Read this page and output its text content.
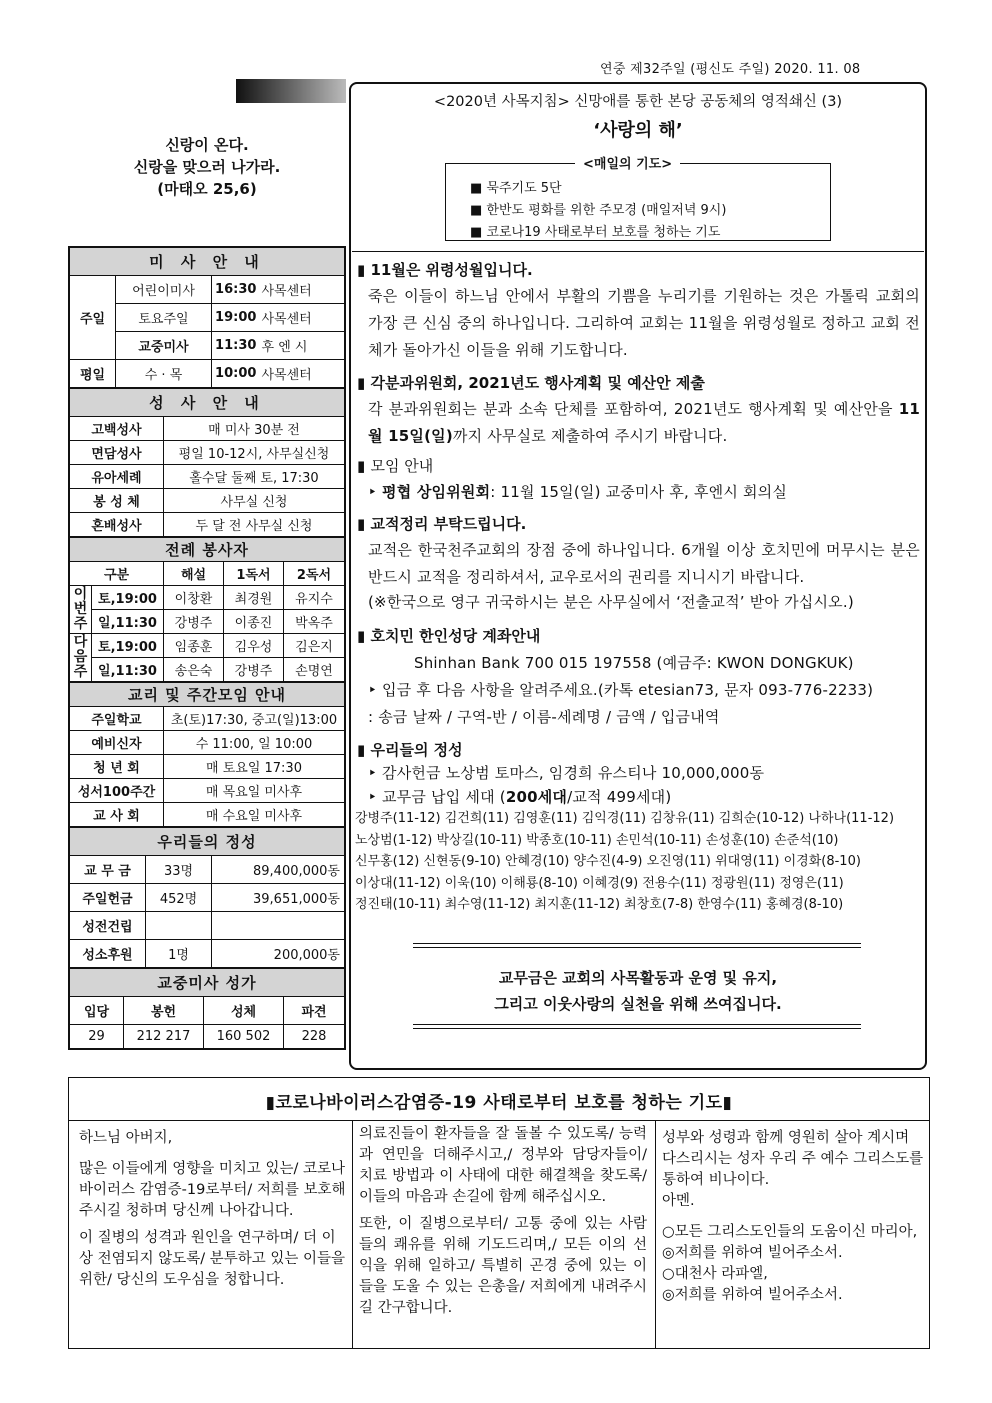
연중 제32주일 (평신도 주일) 2020. 11. 08
오늘의 복음말씀
신랑이 온다.
신랑을 맞으러 나가라.
(마태오 25,6)
미 사 안 내			
주일	어린이미사	16:30	사목센터
	토요주일	19:00	사목센터
	교중미사	11:30	후 엔 시
평일	수 · 목	10:00	사목센터
성 사 안 내	
고백성사	매 미사 30분 전
면담성사	평일 10-12시, 사무실신청
유아세례	홀수달 둘째 토, 17:30
봉 성 체	사무실 신청
혼배성사	두 달 전 사무실 신청
전례 봉사자				
구분		해설	1독서	2독서
이번주	토,19:00	이창환	최경원	유지수
	일,11:30	강병주	이종진	박옥주
다음주	토,19:00	임종훈	김우성	김은지
	일,11:30	송은숙	강병주	손명연
교리 및 주간모임 안내	
주일학교	초(토)17:30, 중고(일)13:00
예비신자	수 11:00, 일 10:00
청 년 회	매 토요일 17:30
성서100주간	매 목요일 미사후
교 사 회	매 수요일 미사후
우리들의 정성		
교 무 금	33명	89,400,000동
주일헌금	452명	39,651,000동
성전건립		
성소후원	1명	200,000동
교중미사 성가			
입당	봉헌	성체	파견
29	212 217	160 502	228
<2020년 사목지침> 신망애를 통한 본당 공동체의 영적쇄신 (3)
‘사랑의 해’
<매일의 기도>
■ 묵주기도 5단
■ 한반도 평화를 위한 주모경 (매일저녁 9시)
■ 코로나19 사태로부터 보호를 청하는 기도
▮ 11월은 위령성월입니다.
죽은 이들이 하느님 안에서 부활의 기쁨을 누리기를 기원하는 것은 가톨릭 교회의 가장 큰 신심 중의 하나입니다. 그리하여 교회는 11월을 위령성월로 정하고 교회 전체가 돌아가신 이들을 위해 기도합니다.
▮ 각분과위원회, 2021년도 행사계획 및 예산안 제출
각 분과위원회는 분과 소속 단체를 포함하여, 2021년도 행사계획 및 예산안을 11월 15일(일)까지 사무실로 제출하여 주시기 바랍니다.
▮ 모임 안내
‣ 평협 상임위원회: 11월 15일(일) 교중미사 후, 후엔시 회의실
▮ 교적정리 부탁드립니다.
교적은 한국천주교회의 장점 중에 하나입니다. 6개월 이상 호치민에 머무시는 분은 반드시 교적을 정리하셔서, 교우로서의 권리를 지니시기 바랍니다.
(※한국으로 영구 귀국하시는 분은 사무실에서 ‘전출교적’ 받아 가십시오.)
▮ 호치민 한인성당 계좌안내
Shinhan Bank 700 015 197558 (예금주: KWON DONGKUK)
‣ 입금 후 다음 사항을 알려주세요.(카톡 etesian73, 문자 093-776-2233)
: 송금 날짜 / 구역-반 / 이름-세례명 / 금액 / 입금내역
▮ 우리들의 정성
‣ 감사헌금 노상범 토마스, 임경희 유스티나 10,000,000동
‣ 교무금 납입 세대 (200세대/교적 499세대)
강병주(11-12) 김건희(11) 김영훈(11) 김익경(11) 김창유(11) 김희순(10-12) 나하나(11-12)
노상범(1-12) 박상길(10-11) 박종호(10-11) 손민석(10-11) 손성훈(10) 손준석(10)
신무홍(12) 신현동(9-10) 안혜경(10) 양수진(4-9) 오진영(11) 위대영(11) 이경화(8-10)
이상대(11-12) 이욱(10) 이해룡(8-10) 이혜경(9) 전용수(11) 정광원(11) 정영은(11)
정진태(10-11) 최수영(11-12) 최지훈(11-12) 최창호(7-8) 한영수(11) 홍혜경(8-10)
교무금은 교회의 사목활동과 운영 및 유지,
그리고 이웃사랑의 실천을 위해 쓰여집니다.
▮코로나바이러스감염증-19 사태로부터 보호를 청하는 기도▮
하느님 아버지,
많은 이들에게 영향을 미치고 있는/ 코로나 바이러스 감염증-19로부터/ 저희를 보호해주시길 청하며 당신께 나아갑니다.
이 질병의 성격과 원인을 연구하며/ 더 이상 전염되지 않도록/ 분투하고 있는 이들을 위한/ 당신의 도우심을 청합니다.
의료진들이 환자들을 잘 돌볼 수 있도록/ 능력과 연민을 더해주시고,/ 정부와 담당자들이/ 치료 방법과 이 사태에 대한 해결책을 찾도록/ 이들의 마음과 손길에 함께 해주십시오.
또한, 이 질병으로부터/ 고통 중에 있는 사람들의 쾌유를 위해 기도드리며,/ 모든 이의 선익을 위해 일하고/ 특별히 곤경 중에 있는 이들을 도울 수 있는 은총을/ 저희에게 내려주시길 간구합니다.
성부와 성령과 함께 영원히 살아 계시며 다스리시는 성자 우리 주 예수 그리스도를 통하여 비나이다.
아멘.
○모든 그리스도인들의 도움이신 마리아,
◎저희를 위하여 빌어주소서.
○대천사 라파엘,
◎저희를 위하여 빌어주소서.
